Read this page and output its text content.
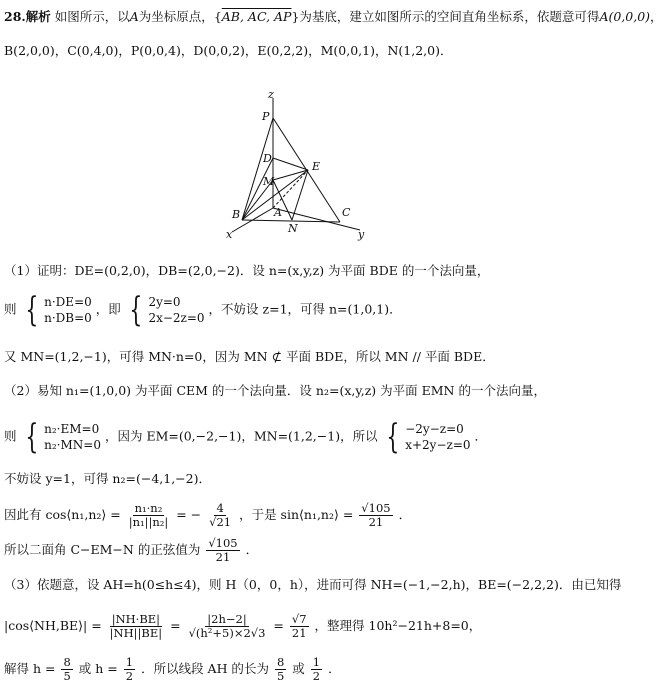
28.解析 如图所示，以A为坐标原点，{AB, AC, AP}为基底，建立如图所示的空间直角坐标系，依题意可得A(0,0,0)，
B(2,0,0)，C(0,4,0)，P(0,0,4)，D(0,0,2)，E(0,2,2)，M(0,0,1)，N(1,2,0)．
z
P
D
E
M
B	A	C
N
x	y
（1）证明：DE=(0,2,0)，DB=(2,0,−2)．设 n=(x,y,z) 为平面 BDE 的一个法向量，
则 { n·DE=0
n·DB=0
，即 { 2y=0
2x−2z=0
，不妨设 z=1，可得 n=(1,0,1)．
又 MN=(1,2,−1)，可得 MN·n=0，因为 MN ⊄ 平面 BDE，所以 MN // 平面 BDE．
（2）易知 n₁=(1,0,0) 为平面 CEM 的一个法向量．设 n₂=(x,y,z) 为平面 EMN 的一个法向量，
则 { n₂·EM=0
n₂·MN=0
，因为 EM=(0,−2,−1)，MN=(1,2,−1)，所以 { −2y−z=0
x+2y−z=0
．
不妨设 y=1，可得 n₂=(−4,1,−2)．
因此有 cos⟨n₁,n₂⟩ = $\frac{\text{n₁·n₂}}{\text{|n₁||n₂|}}$ = − $\frac{4}{√21}$ ，于是 sin⟨n₁,n₂⟩ = $\frac{√105}{21}$ ．
所以二面角 C−EM−N 的正弦值为 $\frac{√105}{21}$ ．
（3）依题意，设 AH=h(0≤h≤4)，则 H（0，0，h），进而可得 NH=(−1,−2,h)，BE=(−2,2,2)．由已知得
|cos⟨NH,BE⟩| = $\frac{|NH\cdot BE|}{|NH||BE|} = \frac{|2h-2|}{\text{√(h²+5)×2√3}} = \frac{√7}{21}$ ，整理得 10h²−21h+8=0，
解得 $h = \frac{8}{5}$ 或 $h = \frac{1}{2}$ ．所以线段 AH 的长为 $\frac{8}{5}$ 或 $\frac{1}{2}$ ．
